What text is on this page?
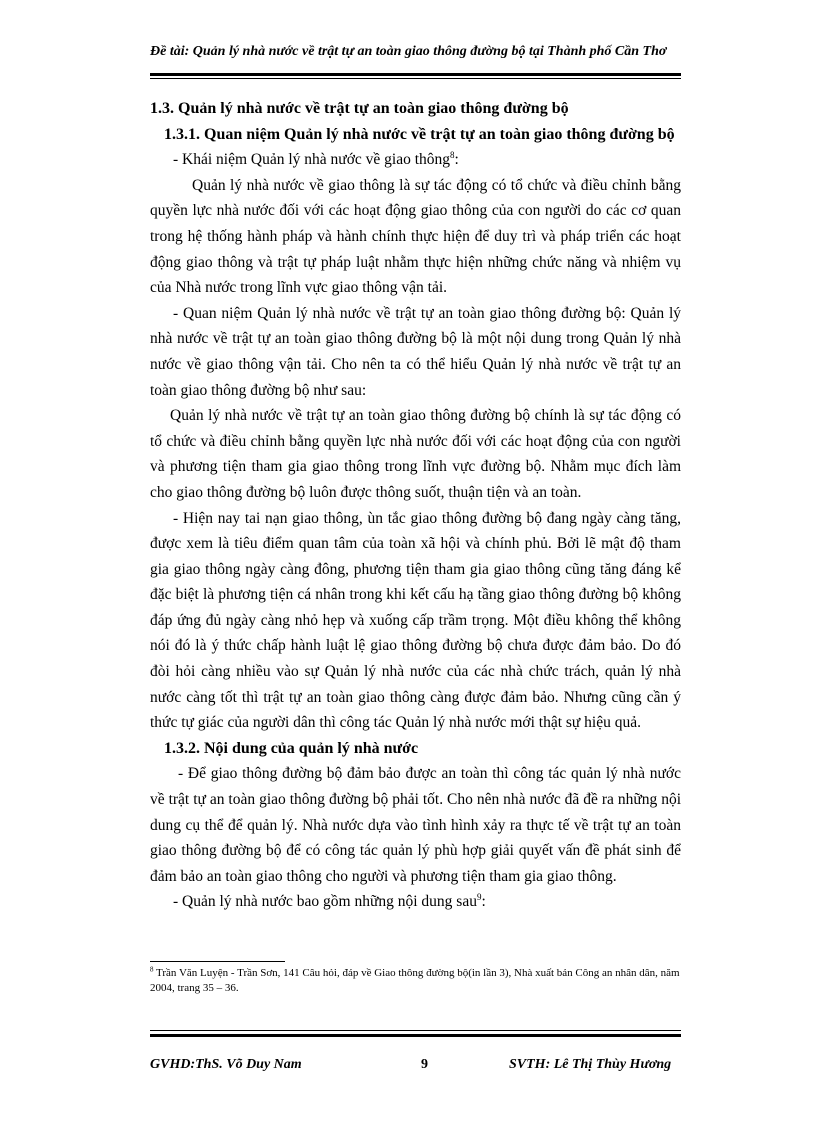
Đề tài: Quản lý nhà nước về trật tự an toàn giao thông đường bộ tại Thành phố Cần Thơ

1.3. Quản lý nhà nước về trật tự an toàn giao thông đường bộ

1.3.1. Quan niệm Quản lý nhà nước về trật tự an toàn giao thông đường bộ

- Khái niệm Quản lý nhà nước về giao thông$^8$:

Quản lý nhà nước về giao thông là sự tác động có tổ chức và điều chỉnh bằng quyền lực nhà nước đối với các hoạt động giao thông của con người do các cơ quan trong hệ thống hành pháp và hành chính thực hiện để duy trì và pháp triển các hoạt động giao thông và trật tự pháp luật nhằm thực hiện những chức năng và nhiệm vụ của Nhà nước trong lĩnh vực giao thông vận tải.

- Quan niệm Quản lý nhà nước về trật tự an toàn giao thông đường bộ: Quản lý nhà nước về trật tự an toàn giao thông đường bộ là một nội dung trong Quản lý nhà nước về giao thông vận tải. Cho nên ta có thể hiểu Quản lý nhà nước về trật tự an toàn giao thông đường bộ như sau:

Quản lý nhà nước về trật tự an toàn giao thông đường bộ chính là sự tác động có tổ chức và điều chỉnh bằng quyền lực nhà nước đối với các hoạt động của con người và phương tiện tham gia giao thông trong lĩnh vực đường bộ. Nhằm mục đích làm cho giao thông đường bộ luôn được thông suốt, thuận tiện và an toàn.

- Hiện nay tai nạn giao thông, ùn tắc giao thông đường bộ đang ngày càng tăng, được xem là tiêu điểm quan tâm của toàn xã hội và chính phủ. Bởi lẽ mật độ tham gia giao thông ngày càng đông, phương tiện tham gia giao thông cũng tăng đáng kể đặc biệt là phương tiện cá nhân trong khi kết cấu hạ tầng giao thông đường bộ không đáp ứng đủ ngày càng nhỏ hẹp và xuống cấp trầm trọng. Một điều không thể không nói đó là ý thức chấp hành luật lệ giao thông đường bộ chưa được đảm bảo. Do đó đòi hỏi càng nhiều vào sự Quản lý nhà nước của các nhà chức trách, quản lý nhà nước càng tốt thì trật tự an toàn giao thông càng được đảm bảo. Nhưng cũng cần ý thức tự giác của người dân thì công tác Quản lý nhà nước mới thật sự hiệu quả.

1.3.2. Nội dung của quản lý nhà nước

- Để giao thông đường bộ đảm bảo được an toàn thì công tác quản lý nhà nước về trật tự an toàn giao thông đường bộ phải tốt. Cho nên nhà nước đã đề ra những nội dung cụ thể để quản lý. Nhà nước dựa vào tình hình xảy ra thực tế về trật tự an toàn giao thông đường bộ để có công tác quản lý phù hợp giải quyết vấn đề phát sinh để đảm bảo an toàn giao thông cho người và phương tiện tham gia giao thông.

- Quản lý nhà nước bao gồm những nội dung sau$^9$:

$^8$ Trần Văn Luyện - Trần Sơn, 141 Câu hỏi, đáp về Giao thông đường bộ(in lần 3), Nhà xuất bản Công an nhân dân, năm 2004, trang 35 – 36.
GVHD:ThS. Võ Duy Nam	9	SVTH: Lê Thị Thùy Hương
